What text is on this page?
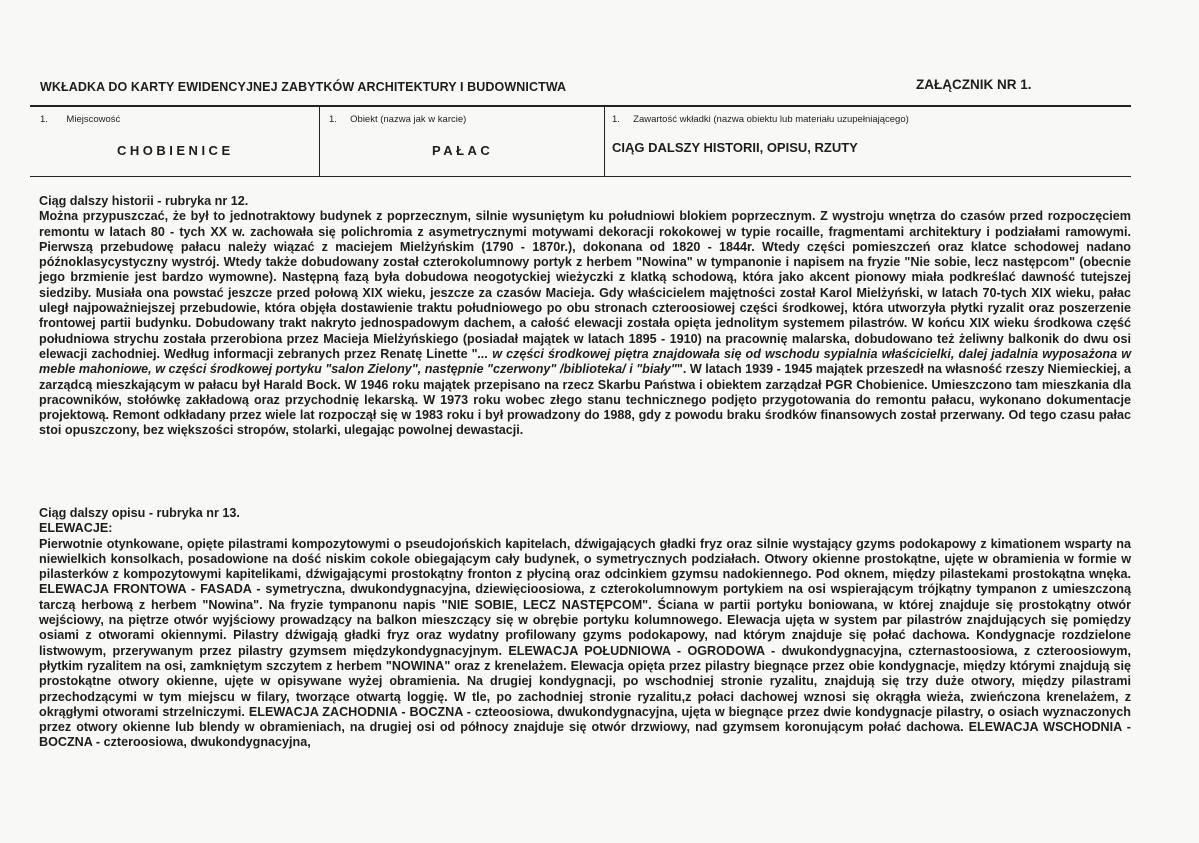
WKŁADKA DO KARTY EWIDENCYJNEJ ZABYTKÓW ARCHITEKTURY I BUDOWNICTWA	ZAŁĄCZNIK NR 1.
1. Miejscowość
CHOBIENICE
1. Obiekt (nazwa jak w karcie)
PAŁAC
1. Zawartość wkładki (nazwa obiektu lub materiału uzupełniającego)
CIĄG DALSZY HISTORII, OPISU, RZUTY
Ciąg dalszy historii - rubryka nr 12.

Można przypuszczać, że był to jednotraktowy budynek z poprzecznym, silnie wysuniętym ku południowi blokiem poprzecznym. Z wystroju wnętrza do czasów przed rozpoczęciem remontu w latach 80 - tych XX w. zachowała się polichromia z asymetrycznymi motywami dekoracji rokokowej w typie rocaille, fragmentami architektury i podziałami ramowymi. Pierwszą przebudowę pałacu należy wiązać z maciejem Mielżyńskim (1790 - 1870r.), dokonana od 1820 - 1844r. Wtedy części pomieszczeń oraz klatce schodowej nadano późnoklasycystyczny wystrój. Wtedy także dobudowany został czterokolumnowy portyk z herbem "Nowina" w tympanonie i napisem na fryzie "Nie sobie, lecz następcom" (obecnie jego brzmienie jest bardzo wymowne). Następną fazą była dobudowa neogotyckiej wieżyczki z klatką schodową, która jako akcent pionowy miała podkreślać dawność tutejszej siedziby. Musiała ona powstać jeszcze przed połową XIX wieku, jeszcze za czasów Macieja. Gdy właścicielem majętności został Karol Mielżyński, w latach 70-tych XIX wieku, pałac uległ najpoważniejszej przebudowie, która objęła dostawienie traktu południowego po obu stronach czteroosiowej części środkowej, która utworzyła płytki ryzalit oraz poszerzenie frontowej partii budynku. Dobudowany trakt nakryto jednospadowym dachem, a całość elewacji została opięta jednolitym systemem pilastrów. W końcu XIX wieku środkowa część południowa strychu została przerobiona przez Macieja Mielżyńskiego (posiadał majątek w latach 1895 - 1910) na pracownię malarska, dobudowano też żeliwny balkonik do dwu osi elewacji zachodniej. Według informacji zebranych przez Renatę Linette "... w części środkowej piętra znajdowała się od wschodu sypialnia właścicielki, dalej jadalnia wyposażona w meble mahoniowe, w części środkowej portyku "salon Zielony", następnie "czerwony" /biblioteka/ i "biały"". W latach 1939 - 1945 majątek przeszedł na własność rzeszy Niemieckiej, a zarządcą mieszkającym w pałacu był Harald Bock. W 1946 roku majątek przepisano na rzecz Skarbu Państwa i obiektem zarządzał PGR Chobienice. Umieszczono tam mieszkania dla pracowników, stołówkę zakładową oraz przychodnię lekarską. W 1973 roku wobec złego stanu technicznego podjęto przygotowania do remontu pałacu, wykonano dokumentacje projektową. Remont odkładany przez wiele lat rozpoczął się w 1983 roku i był prowadzony do 1988, gdy z powodu braku środków finansowych został przerwany. Od tego czasu pałac stoi opuszczony, bez większości stropów, stolarki, ulegając powolnej dewastacji.

Ciąg dalszy opisu - rubryka nr 13.
ELEWACJE:

Pierwotnie otynkowane, opięte pilastrami kompozytowymi o pseudojońskich kapitelach, dźwigających gładki fryz oraz silnie wystający gzyms podokapowy z kimationem wsparty na niewielkich konsolkach, posadowione na dość niskim cokole obiegającym cały budynek, o symetrycznych podziałach. Otwory okienne prostokątne, ujęte w obramienia w formie w pilasterków z kompozytowymi kapitelikami, dźwigającymi prostokątny fronton z płyciną oraz odcinkiem gzymsu nadokiennego. Pod oknem, między pilastekami prostokątna wnęka. ELEWACJA FRONTOWA - FASADA - symetryczna, dwukondygnacyjna, dziewięcioosiowa, z czterokolumnowym portykiem na osi wspierającym trójkątny tympanon z umieszczoną tarczą herbową z herbem "Nowina". Na fryzie tympanonu napis "NIE SOBIE, LECZ NASTĘPCOM". Ściana w partii portyku boniowana, w której znajduje się prostokątny otwór wejściowy, na piętrze otwór wyjściowy prowadzący na balkon mieszczący się w obrębie portyku kolumnowego. Elewacja ujęta w system par pilastrów znajdujących się pomiędzy osiami z otworami okiennymi. Pilastry dźwigają gładki fryz oraz wydatny profilowany gzyms podokapowy, nad którym znajduje się połać dachowa. Kondygnacje rozdzielone listwowym, przerywanym przez pilastry gzymsem międzykondygnacyjnym. ELEWACJA POŁUDNIOWA - OGRODOWA - dwukondygnacyjna, czternastoosiowa, z czteroosiowym, płytkim ryzalitem na osi, zamkniętym szczytem z herbem "NOWINA" oraz z krenelażem. Elewacja opięta przez pilastry biegnące przez obie kondygnacje, między którymi znajdują się prostokątne otwory okienne, ujęte w opisywane wyżej obramienia. Na drugiej kondygnacji, po wschodniej stronie ryzalitu, znajdują się trzy duże otwory, między pilastrami przechodzącymi w tym miejscu w filary, tworzące otwartą loggię. W tle, po zachodniej stronie ryzalitu,z połaci dachowej wznosi się okrągła wieża, zwieńczona krenelażem, z okrągłymi otworami strzelniczymi. ELEWACJA ZACHODNIA - BOCZNA - czteoosiowa, dwukondygnacyjna, ujęta w biegnące przez dwie kondygnacje pilastry, o osiach wyznaczonych przez otwory okienne lub blendy w obramieniach, na drugiej osi od północy znajduje się otwór drzwiowy, nad gzymsem koronującym połać dachowa. ELEWACJA WSCHODNIA - BOCZNA - czteroosiowa, dwukondygnacyjna,
